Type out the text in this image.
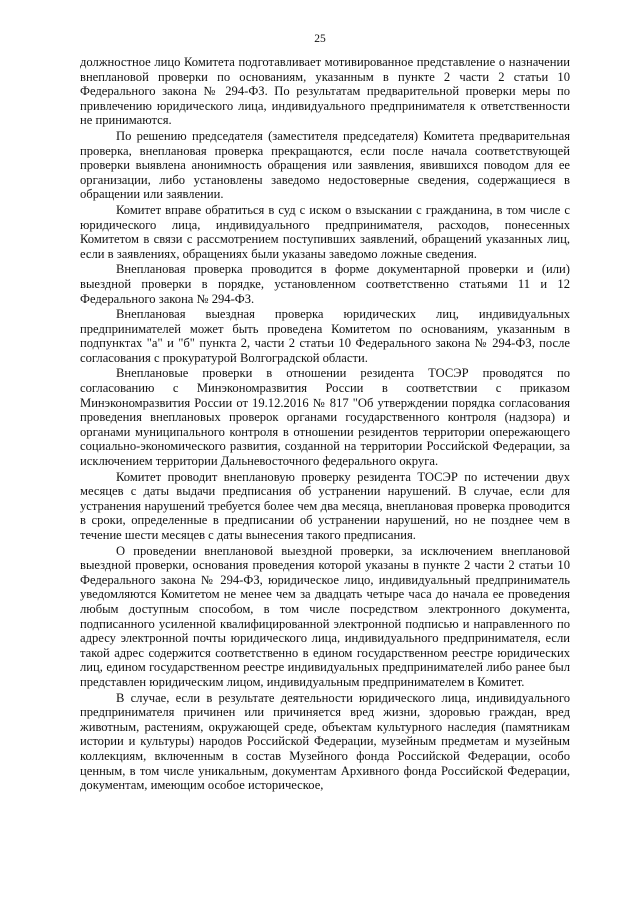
25

должностное лицо Комитета подготавливает мотивированное представление о назначении внеплановой проверки по основаниям, указанным в пункте 2 части 2 статьи 10 Федерального закона № 294-ФЗ. По результатам предварительной проверки меры по привлечению юридического лица, индивидуального предпринимателя к ответственности не принимаются.

По решению председателя (заместителя председателя) Комитета предварительная проверка, внеплановая проверка прекращаются, если после начала соответствующей проверки выявлена анонимность обращения или заявления, явившихся поводом для ее организации, либо установлены заведомо недостоверные сведения, содержащиеся в обращении или заявлении.

Комитет вправе обратиться в суд с иском о взыскании с гражданина, в том числе с юридического лица, индивидуального предпринимателя, расходов, понесенных Комитетом в связи с рассмотрением поступивших заявлений, обращений указанных лиц, если в заявлениях, обращениях были указаны заведомо ложные сведения.

Внеплановая проверка проводится в форме документарной проверки и (или) выездной проверки в порядке, установленном соответственно статьями 11 и 12 Федерального закона № 294-ФЗ.

Внеплановая выездная проверка юридических лиц, индивидуальных предпринимателей может быть проведена Комитетом по основаниям, указанным в подпунктах "а" и "б" пункта 2, части 2 статьи 10 Федерального закона № 294-ФЗ, после согласования с прокуратурой Волгоградской области.

Внеплановые проверки в отношении резидента ТОСЭР проводятся по согласованию с Минэкономразвития России в соответствии с приказом Минэкономразвития России от 19.12.2016 № 817 "Об утверждении порядка согласования проведения внеплановых проверок органами государственного контроля (надзора) и органами муниципального контроля в отношении резидентов территории опережающего социально-экономического развития, созданной на территории Российской Федерации, за исключением территории Дальневосточного федерального округа.

Комитет проводит внеплановую проверку резидента ТОСЭР по истечении двух месяцев с даты выдачи предписания об устранении нарушений. В случае, если для устранения нарушений требуется более чем два месяца, внеплановая проверка проводится в сроки, определенные в предписании об устранении нарушений, но не позднее чем в течение шести месяцев с даты вынесения такого предписания.

О проведении внеплановой выездной проверки, за исключением внеплановой выездной проверки, основания проведения которой указаны в пункте 2 части 2 статьи 10 Федерального закона № 294-ФЗ, юридическое лицо, индивидуальный предприниматель уведомляются Комитетом не менее чем за двадцать четыре часа до начала ее проведения любым доступным способом, в том числе посредством электронного документа, подписанного усиленной квалифицированной электронной подписью и направленного по адресу электронной почты юридического лица, индивидуального предпринимателя, если такой адрес содержится соответственно в едином государственном реестре юридических лиц, едином государственном реестре индивидуальных предпринимателей либо ранее был представлен юридическим лицом, индивидуальным предпринимателем в Комитет.

В случае, если в результате деятельности юридического лица, индивидуального предпринимателя причинен или причиняется вред жизни, здоровью граждан, вред животным, растениям, окружающей среде, объектам культурного наследия (памятникам истории и культуры) народов Российской Федерации, музейным предметам и музейным коллекциям, включенным в состав Музейного фонда Российской Федерации, особо ценным, в том числе уникальным, документам Архивного фонда Российской Федерации, документам, имеющим особое историческое,
